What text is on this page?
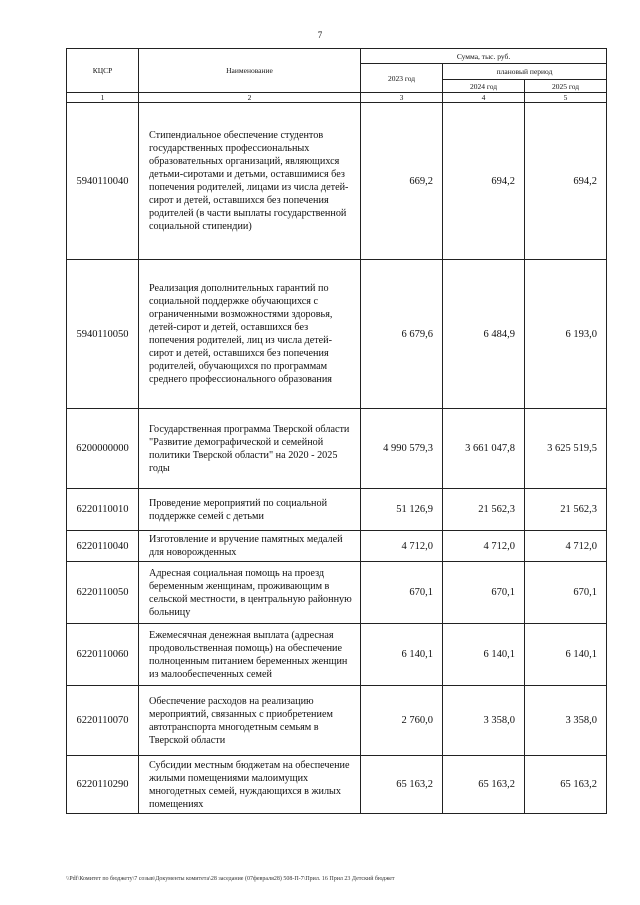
7
КЦСР	Наименование	Сумма, тыс. руб.		
		2023 год	плановый период	
			2024 год	2025 год
1	2	3	4	5
5940110040	Стипендиальное обеспечение студентов государственных профессиональных образовательных организаций, являющихся детьми-сиротами и детьми, оставшимися без попечения родителей, лицами из числа детей-сирот и детей, оставшихся без попечения родителей (в части выплаты государственной социальной стипендии)	669,2	694,2	694,2
5940110050	Реализация дополнительных гарантий по социальной поддержке обучающихся с ограниченными возможностями здоровья, детей-сирот и детей, оставшихся без попечения родителей, лиц из числа детей-сирот и детей, оставшихся без попечения родителей, обучающихся по программам среднего профессионального образования	6 679,6	6 484,9	6 193,0
6200000000	Государственная программа Тверской области "Развитие демографической и семейной политики Тверской области" на 2020 - 2025 годы	4 990 579,3	3 661 047,8	3 625 519,5
6220110010	Проведение мероприятий по социальной поддержке семей с детьми	51 126,9	21 562,3	21 562,3
6220110040	Изготовление и вручение памятных медалей для новорожденных	4 712,0	4 712,0	4 712,0
6220110050	Адресная социальная помощь на проезд беременным женщинам, проживающим в сельской местности, в центральную районную больницу	670,1	670,1	670,1
6220110060	Ежемесячная денежная выплата (адресная продовольственная помощь) на обеспечение полноценным питанием беременных женщин из малообеспеченных семей	6 140,1	6 140,1	6 140,1
6220110070	Обеспечение расходов на реализацию мероприятий, связанных с приобретением автотранспорта многодетным семьям в Тверской области	2 760,0	3 358,0	3 358,0
6220110290	Субсидии местным бюджетам на обеспечение жилыми помещениями малоимущих многодетных семей, нуждающихся в жилых помещениях	65 163,2	65 163,2	65 163,2
\\Pdf\Комитет по бюджету\7 созыв\Документы комитета\28 заседание (07февраля28) 508-П-7\Прил. 16 Прил 23 Детский бюджет
